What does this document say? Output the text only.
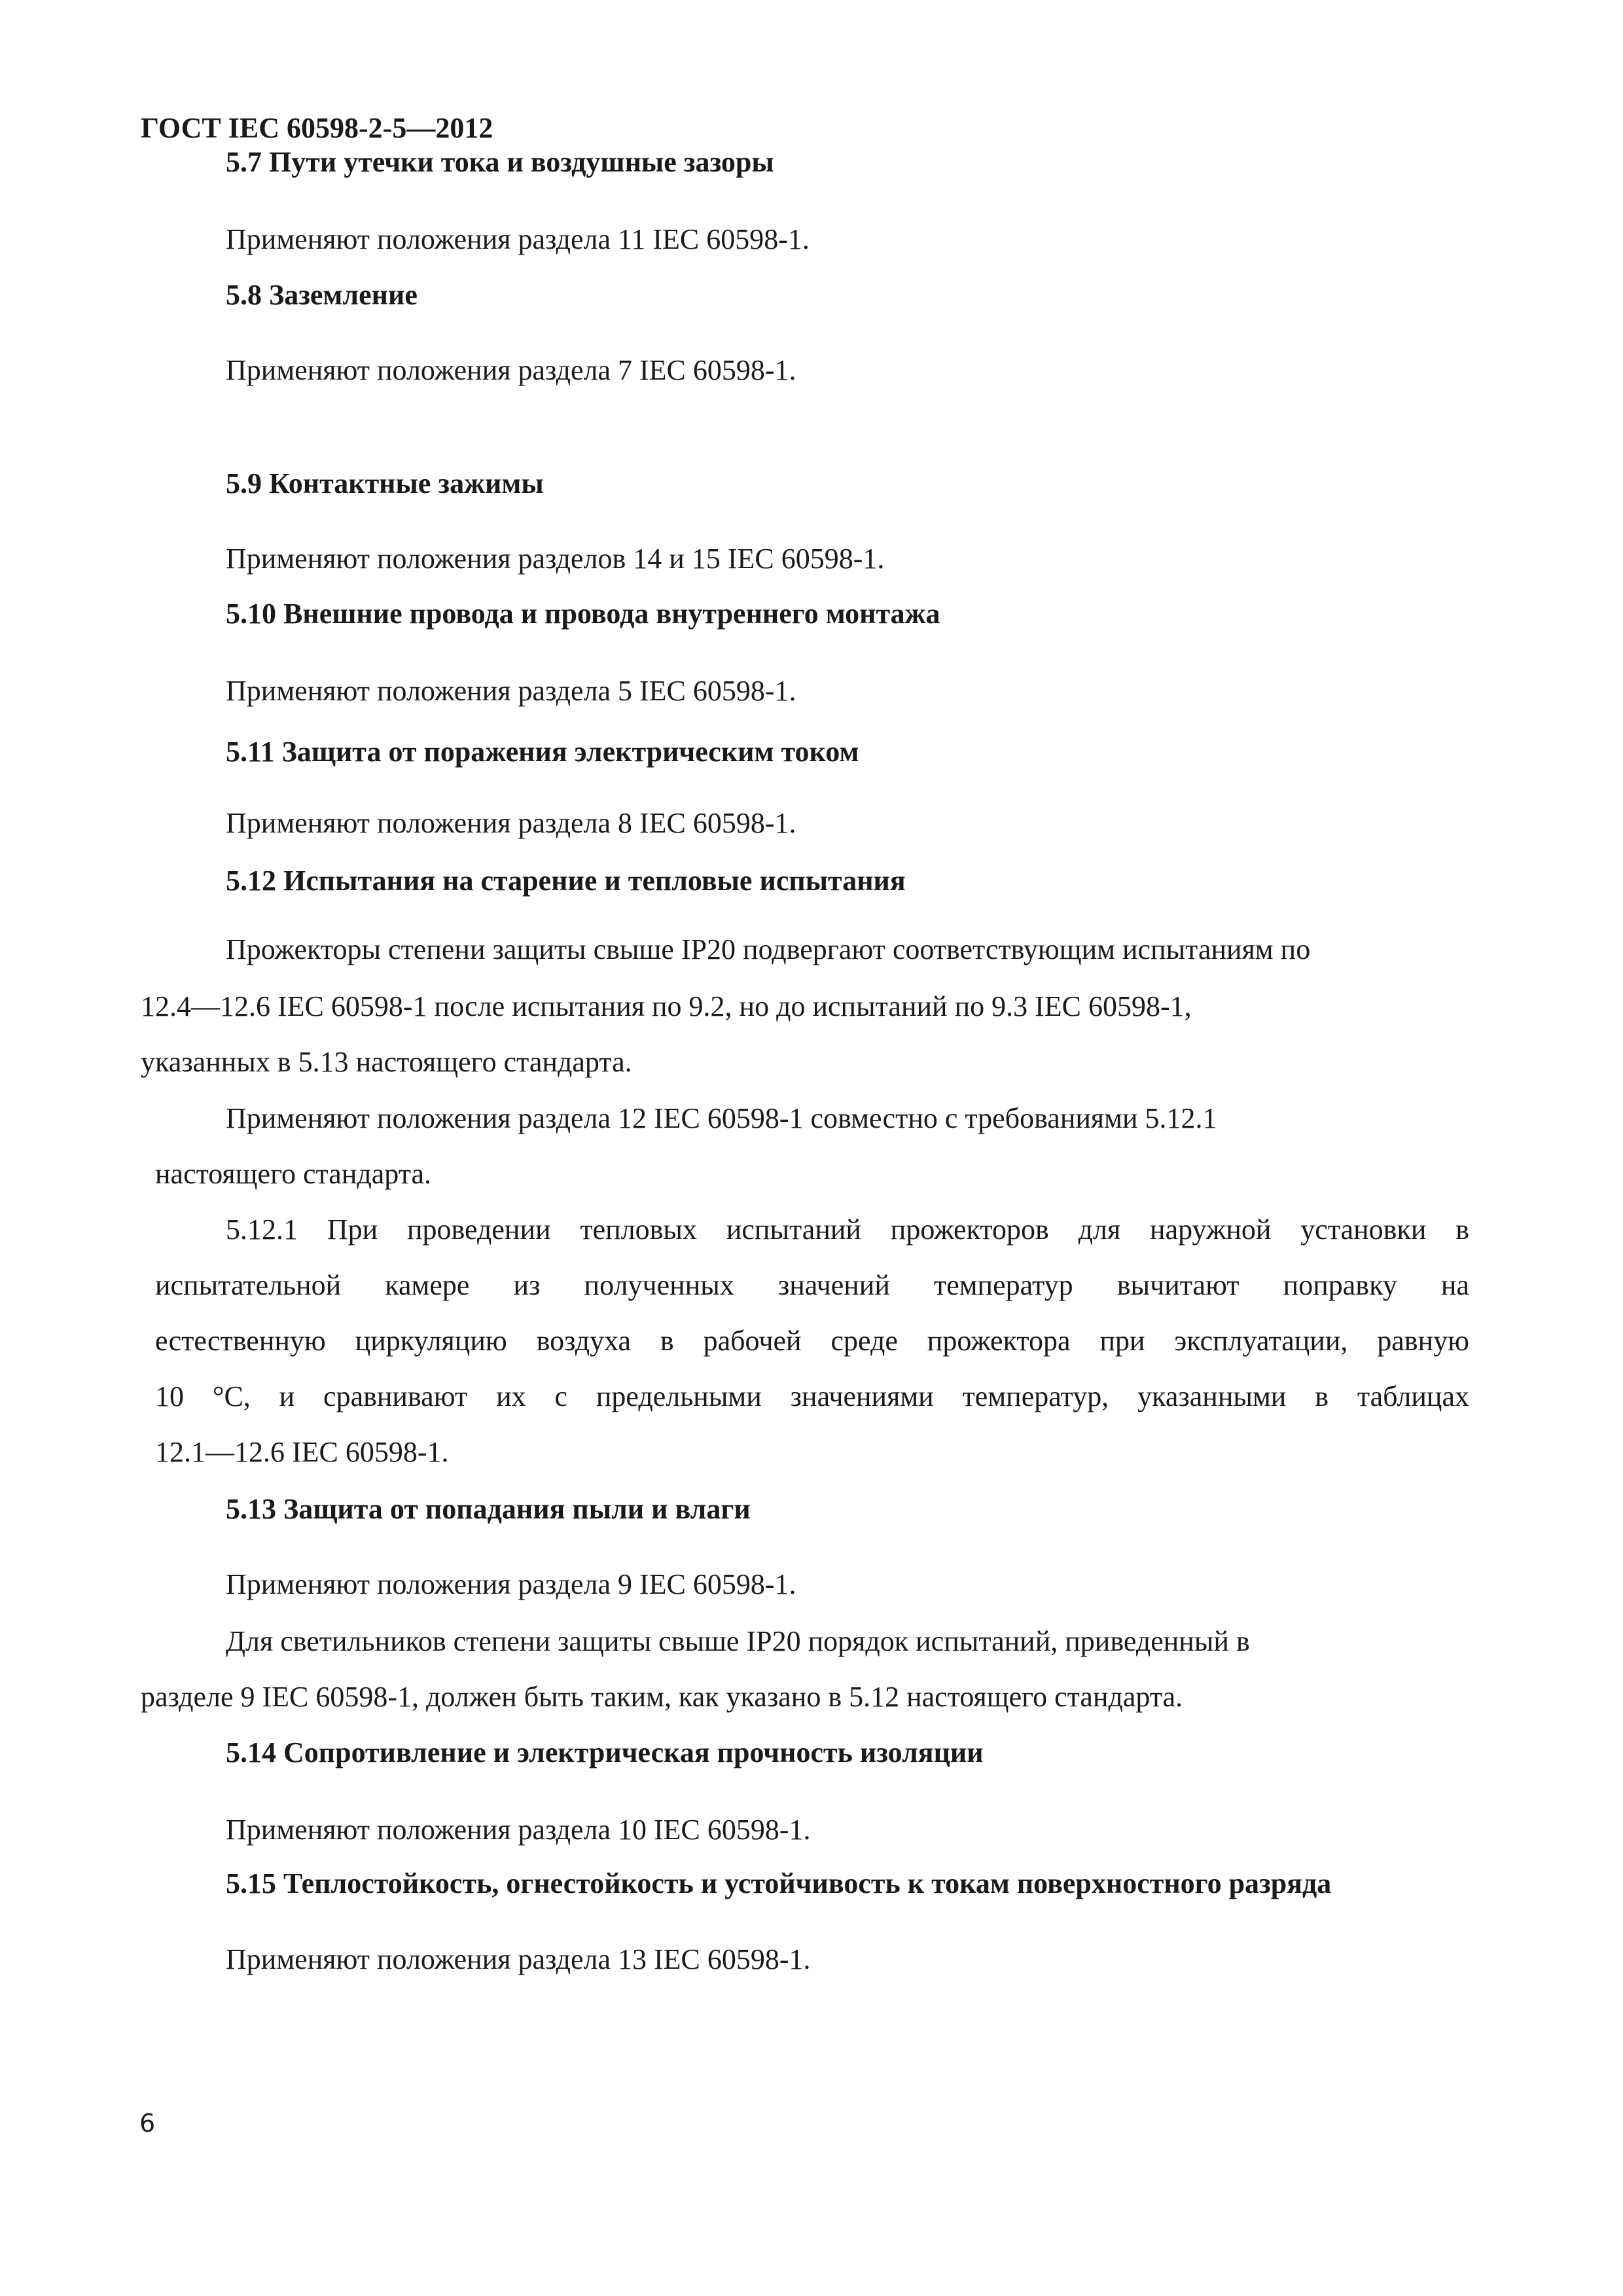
ГОСТ IEC 60598-2-5—2012
5.7 Пути утечки тока и воздушные зазоры
Применяют положения раздела 11 IEC 60598-1.
5.8 Заземление
Применяют положения раздела 7 IEC 60598-1.
5.9 Контактные зажимы
Применяют положения разделов 14 и 15 IEC 60598-1.
5.10 Внешние провода и провода внутреннего монтажа
Применяют положения раздела 5 IEC 60598-1.
5.11 Защита от поражения электрическим током
Применяют положения раздела 8 IEC 60598-1.
5.12 Испытания на старение и тепловые испытания
Прожекторы степени защиты свыше IP20 подвергают соответствующим испытаниям по
12.4—12.6 IEC 60598-1 после испытания по 9.2, но до испытаний по 9.3 IEC 60598-1,
указанных в 5.13 настоящего стандарта.
Применяют положения раздела 12 IEC 60598-1 совместно с требованиями 5.12.1
настоящего стандарта.
5.12.1 При проведении тепловых испытаний прожекторов для наружной установки в
испытательной камере из полученных значений температур вычитают поправку на
естественную циркуляцию воздуха в рабочей среде прожектора при эксплуатации, равную
10 °С, и сравнивают их с предельными значениями температур, указанными в таблицах
12.1—12.6 IEC 60598-1.
5.13 Защита от попадания пыли и влаги
Применяют положения раздела 9 IEC 60598-1.
Для светильников степени защиты свыше IP20 порядок испытаний, приведенный в
разделе 9 IEC 60598-1, должен быть таким, как указано в 5.12 настоящего стандарта.
5.14 Сопротивление и электрическая прочность изоляции
Применяют положения раздела 10 IEC 60598-1.
5.15 Теплостойкость, огнестойкость и устойчивость к токам поверхностного разряда
Применяют положения раздела 13 IEC 60598-1.
6
